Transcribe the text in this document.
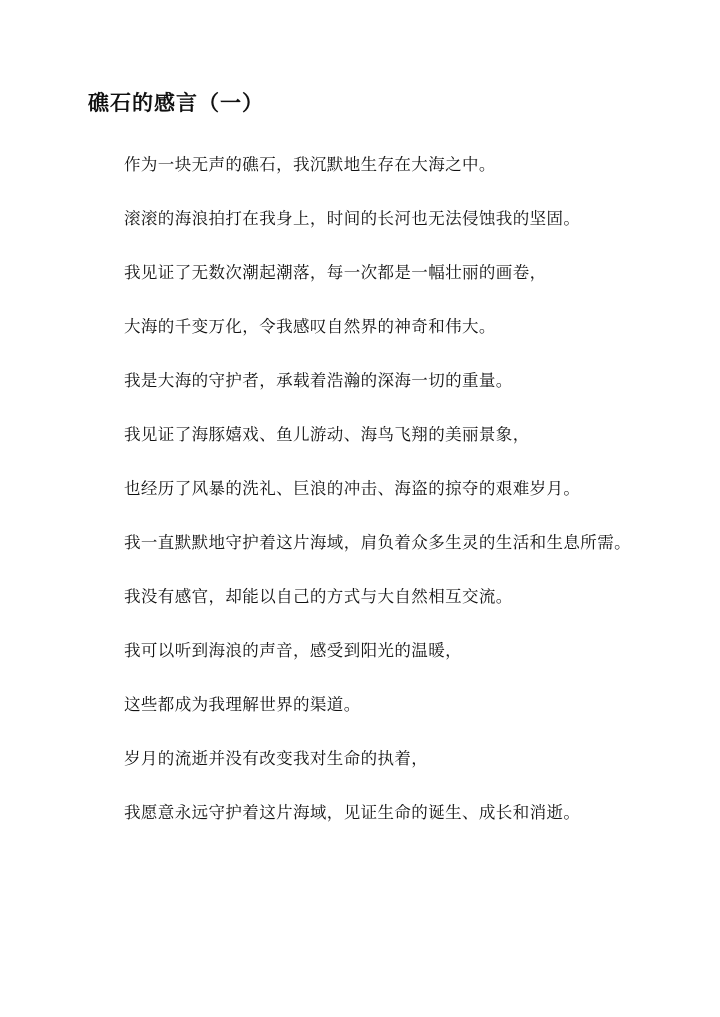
礁石的感言（一）

作为一块无声的礁石，我沉默地生存在大海之中。

滚滚的海浪拍打在我身上，时间的长河也无法侵蚀我的坚固。

我见证了无数次潮起潮落，每一次都是一幅壮丽的画卷，

大海的千变万化，令我感叹自然界的神奇和伟大。

我是大海的守护者，承载着浩瀚的深海一切的重量。

我见证了海豚嬉戏、鱼儿游动、海鸟飞翔的美丽景象，

也经历了风暴的洗礼、巨浪的冲击、海盗的掠夺的艰难岁月。

我一直默默地守护着这片海域，肩负着众多生灵的生活和生息所需。

我没有感官，却能以自己的方式与大自然相互交流。

我可以听到海浪的声音，感受到阳光的温暖，

这些都成为我理解世界的渠道。

岁月的流逝并没有改变我对生命的执着，

我愿意永远守护着这片海域，见证生命的诞生、成长和消逝。
